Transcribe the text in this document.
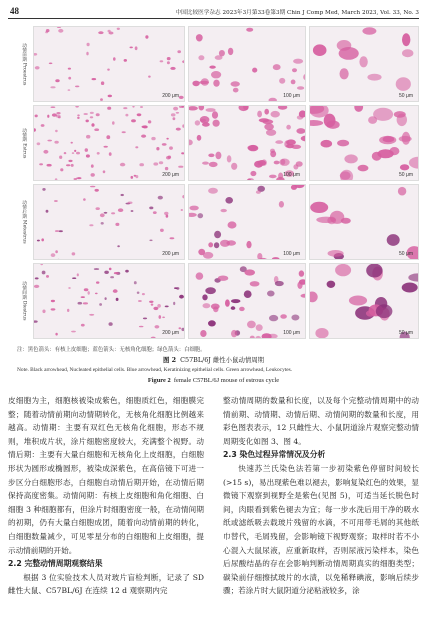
48	中国比较医学杂志 2023年3月第33卷第3期 Chin J Comp Med, March 2023, Vol. 33, No. 3
动情前期 Proestrus
200 μm	100 μm	50 μm
动情期 Estrus
200 μm	100 μm	50 μm
动情后期 Metestrus
200 μm	100 μm	50 μm
动情间期 Diestrus
200 μm	100 μm	50 μm
注：黑色箭头：有核上皮细胞；蓝色箭头：无核角化细胞；绿色箭头：白细胞。
图 2 C57BL/6J 雌性小鼠动情周期
Note. Black arrowhead, Nucleated epithelial cells. Blue arrowhead, Keratinizing epithelial cells. Green arrowhead, Leukocytes.
Figure 2 female C57BL/6J mouse of estrous cycle

皮细胞为主，细胞核被染成紫色，细胞质红色，细胞膜完整；随着动情前期向动情期转化，无核角化细胞比例越来越高。动情期：主要有双红色无核角化细胞，形态不规则，堆积成片状，涂片细胞密度较大，充满整个视野。动情后期：主要有大量白细胞和无核角化上皮细胞，白细胞形状为圆形或椭圆形，被染成深紫色，在高倍镜下可进一步区分白细胞形态，白细胞自动情后期开始，在动情后期保持高度密集。动情间期：有核上皮细胞和角化细胞、白细胞 3 种细胞都有，但涂片时细胞密度一般，在动情间期的初期，仍有大量白细胞成团，随着向动情前期的转化，白细胞数量减少，可见零星分布的白细胞和上皮细胞，提示动情前期的开始。

2.2 完整动情周期观察结果

根据 3 位实验技术人员对玻片盲检判断，记录了 SD 雌性大鼠、C57BL/6J 在连续 12 d 观察期内完

整动情周期的数量和长度，以及每个完整动情周期中的动情前期、动情期、动情后期、动情间期的数量和长度，用彩色图表表示，12 只雌性大、小鼠阴道涂片观察完整动情周期变化如图 3、图 4。

2.3 染色过程异常情况及分析

快速苏兰氏染色法若第一步初染紫色停留时间较长(>15 s)，易出现紫色难以褪去，影响复染红色的效果，显微镜下观察到视野全是紫色(见图 5)，可适当延长脱色时间，肉眼看到紫色褪去为宜；每一步水洗后用干净的吸水纸或滤纸吸去载玻片残留的水滴，不可用带毛屑的其他纸巾替代，毛屑残留，会影响镜下视野观察；取样时若不小心混入大鼠尿液，应重新取样，否则尿液污染样本，染色后尿酸结晶的存在会影响判断动情周期真实的细胞类型；碳染前仔细擦拭玻片的水渍，以免稀释碘液，影响后续步骤；若涂片时大鼠阴道分泌粘液较多，涂
